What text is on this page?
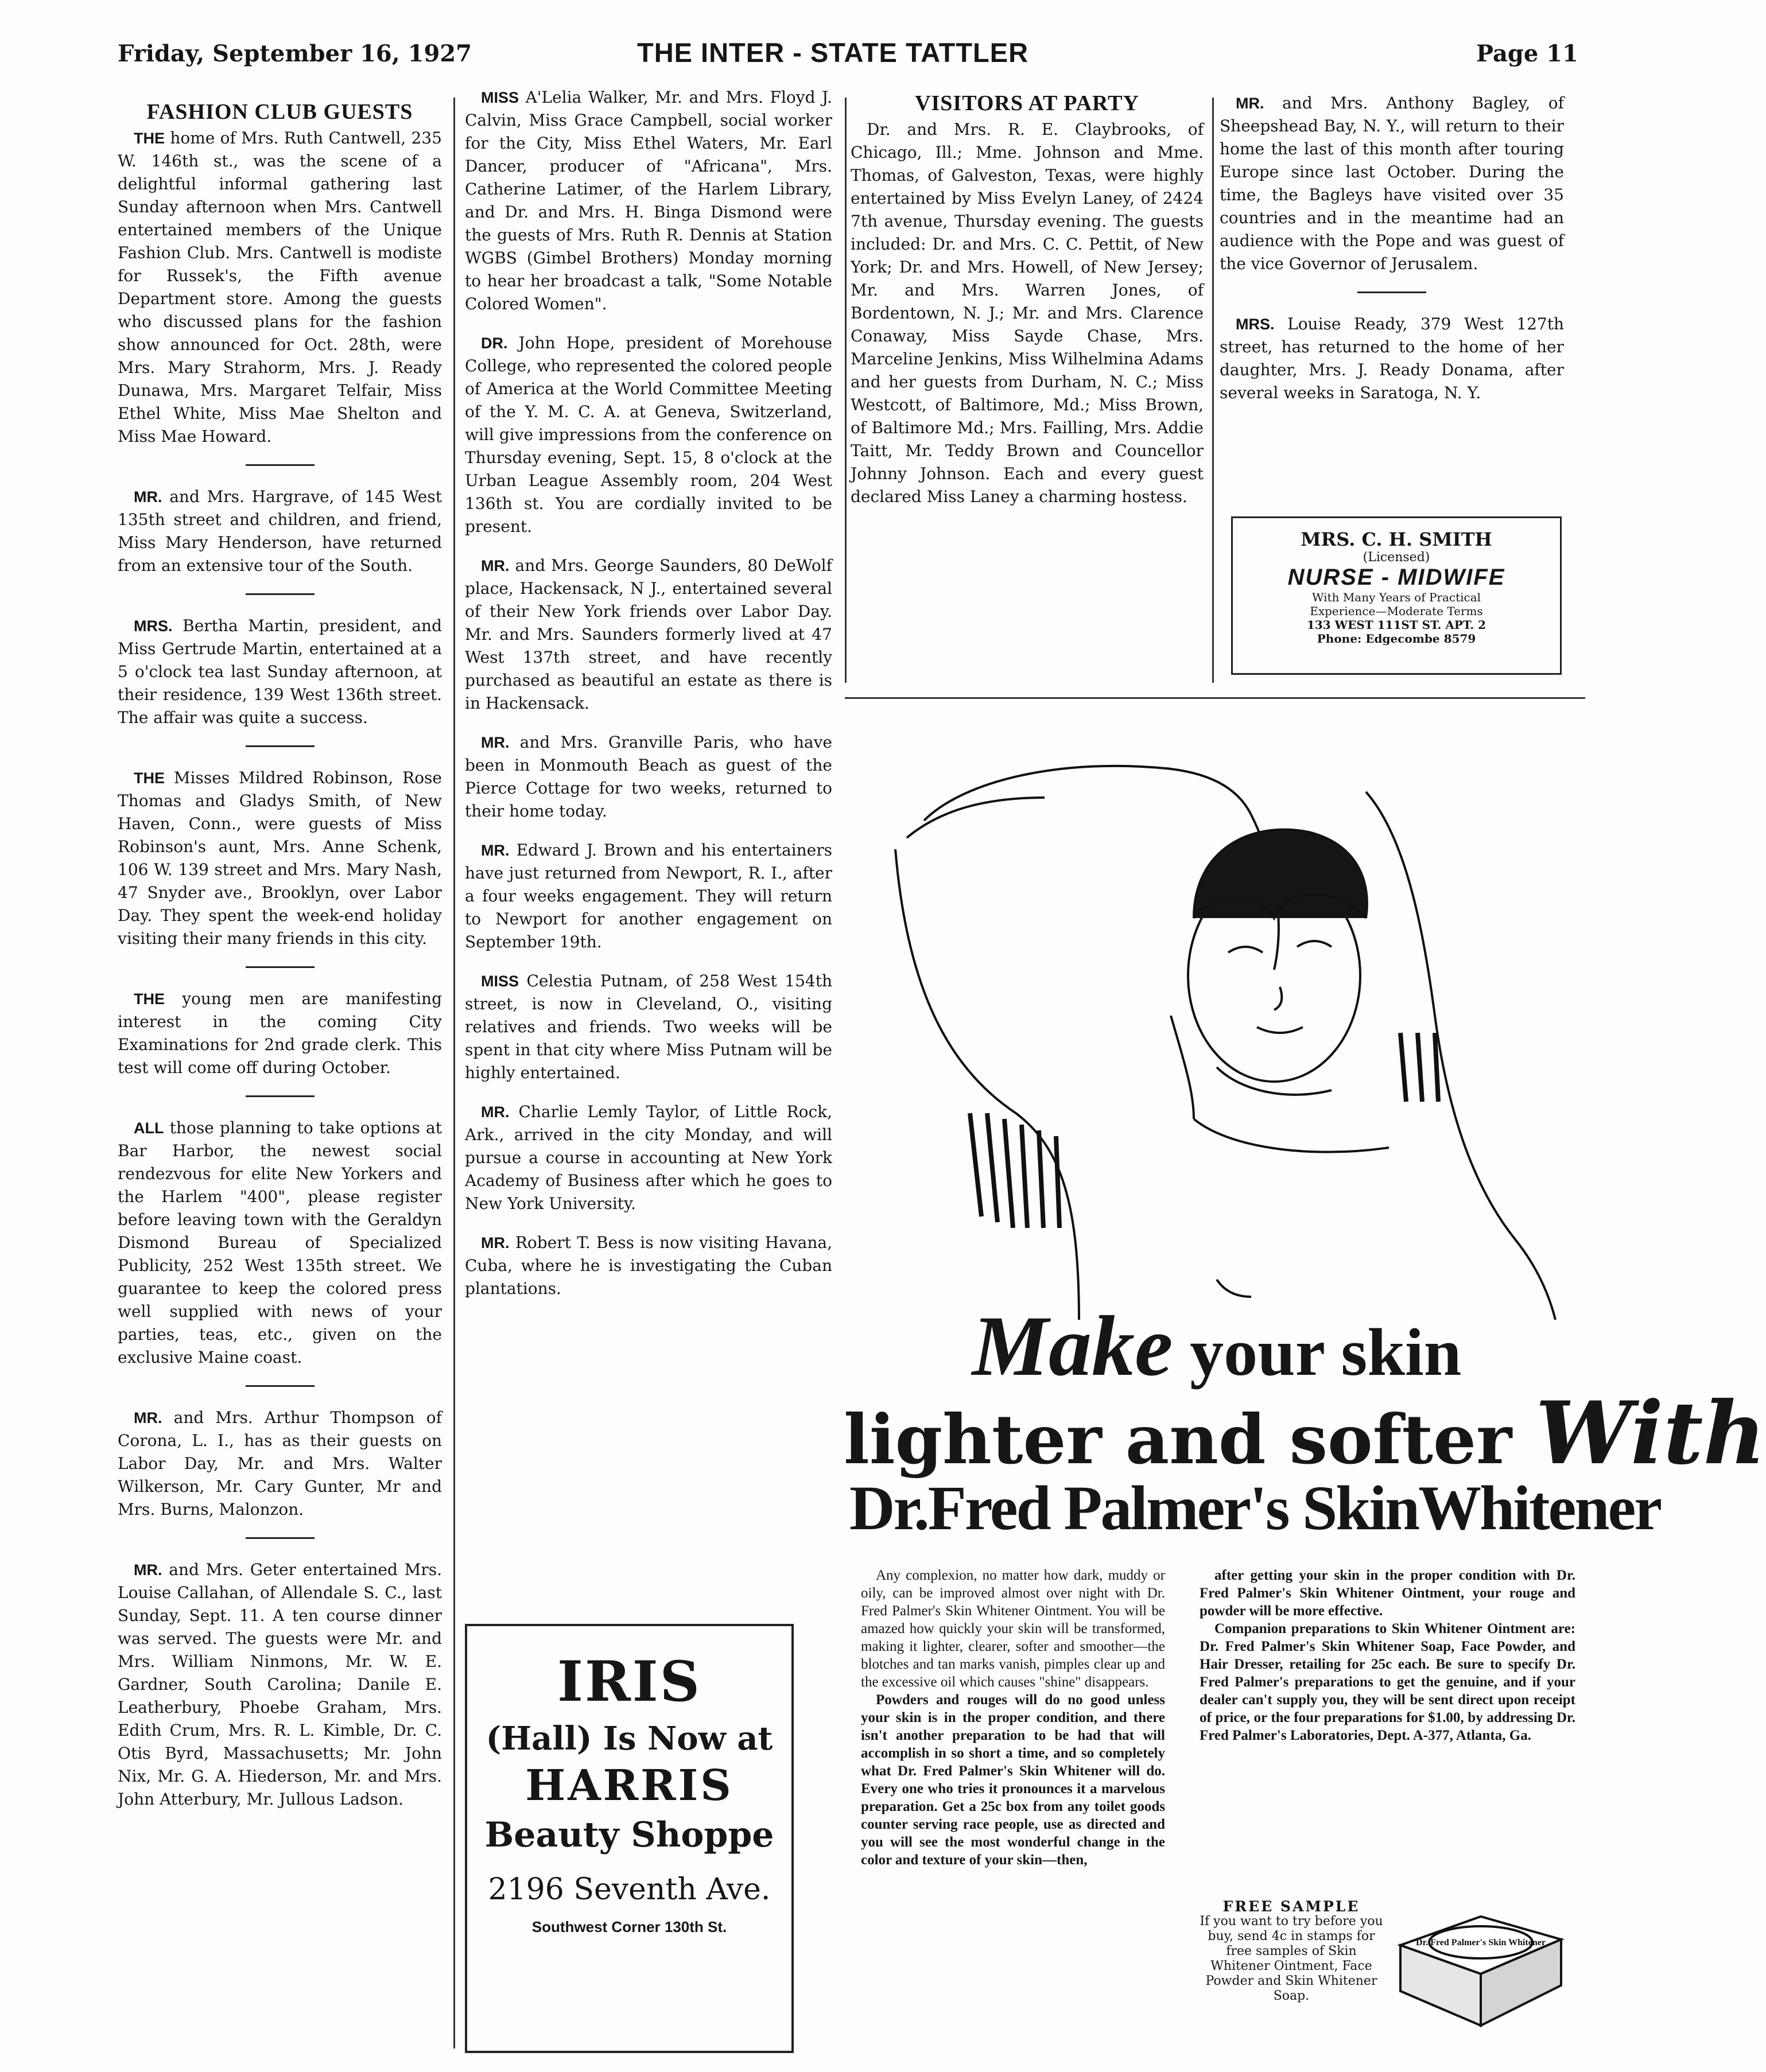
Friday, September 16, 1927	THE INTER - STATE TATTLER	Page 11
FASHION CLUB GUESTS

THE home of Mrs. Ruth Cantwell, 235 W. 146th st., was the scene of a delightful informal gathering last Sunday afternoon when Mrs. Cantwell entertained members of the Unique Fashion Club. Mrs. Cantwell is modiste for Russek's, the Fifth avenue Department store. Among the guests who discussed plans for the fashion show announced for Oct. 28th, were Mrs. Mary Strahorm, Mrs. J. Ready Dunawa, Mrs. Margaret Telfair, Miss Ethel White, Miss Mae Shelton and Miss Mae Howard.

MR. and Mrs. Hargrave, of 145 West 135th street and children, and friend, Miss Mary Henderson, have returned from an extensive tour of the South.

MRS. Bertha Martin, president, and Miss Gertrude Martin, entertained at a 5 o'clock tea last Sunday afternoon, at their residence, 139 West 136th street. The affair was quite a success.

THE Misses Mildred Robinson, Rose Thomas and Gladys Smith, of New Haven, Conn., were guests of Miss Robinson's aunt, Mrs. Anne Schenk, 106 W. 139 street and Mrs. Mary Nash, 47 Snyder ave., Brooklyn, over Labor Day. They spent the week-end holiday visiting their many friends in this city.

THE young men are manifesting interest in the coming City Examinations for 2nd grade clerk. This test will come off during October.

ALL those planning to take options at Bar Harbor, the newest social rendezvous for elite New Yorkers and the Harlem "400", please register before leaving town with the Geraldyn Dismond Bureau of Specialized Publicity, 252 West 135th street. We guarantee to keep the colored press well supplied with news of your parties, teas, etc., given on the exclusive Maine coast.

MR. and Mrs. Arthur Thompson of Corona, L. I., has as their guests on Labor Day, Mr. and Mrs. Walter Wilkerson, Mr. Cary Gunter, Mr and Mrs. Burns, Malonzon.

MR. and Mrs. Geter entertained Mrs. Louise Callahan, of Allendale S. C., last Sunday, Sept. 11. A ten course dinner was served. The guests were Mr. and Mrs. William Ninmons, Mr. W. E. Gardner, South Carolina; Danile E. Leatherbury, Phoebe Graham, Mrs. Edith Crum, Mrs. R. L. Kimble, Dr. C. Otis Byrd, Massachusetts; Mr. John Nix, Mr. G. A. Hiederson, Mr. and Mrs. John Atterbury, Mr. Jullous Ladson.

MISS A'Lelia Walker, Mr. and Mrs. Floyd J. Calvin, Miss Grace Campbell, social worker for the City, Miss Ethel Waters, Mr. Earl Dancer, producer of "Africana", Mrs. Catherine Latimer, of the Harlem Library, and Dr. and Mrs. H. Binga Dismond were the guests of Mrs. Ruth R. Dennis at Station WGBS (Gimbel Brothers) Monday morning to hear her broadcast a talk, "Some Notable Colored Women".

DR. John Hope, president of Morehouse College, who represented the colored people of America at the World Committee Meeting of the Y. M. C. A. at Geneva, Switzerland, will give impressions from the conference on Thursday evening, Sept. 15, 8 o'clock at the Urban League Assembly room, 204 West 136th st. You are cordially invited to be present.

MR. and Mrs. George Saunders, 80 DeWolf place, Hackensack, N J., entertained several of their New York friends over Labor Day. Mr. and Mrs. Saunders formerly lived at 47 West 137th street, and have recently purchased as beautiful an estate as there is in Hackensack.

MR. and Mrs. Granville Paris, who have been in Monmouth Beach as guest of the Pierce Cottage for two weeks, returned to their home today.

MR. Edward J. Brown and his entertainers have just returned from Newport, R. I., after a four weeks engagement. They will return to Newport for another engagement on September 19th.

MISS Celestia Putnam, of 258 West 154th street, is now in Cleveland, O., visiting relatives and friends. Two weeks will be spent in that city where Miss Putnam will be highly entertained.

MR. Charlie Lemly Taylor, of Little Rock, Ark., arrived in the city Monday, and will pursue a course in accounting at New York Academy of Business after which he goes to New York University.

MR. Robert T. Bess is now visiting Havana, Cuba, where he is investigating the Cuban plantations.

IRIS
(Hall) Is Now at
HARRIS
Beauty Shoppe
2196 Seventh Ave.
Southwest Corner 130th St.
VISITORS AT PARTY

Dr. and Mrs. R. E. Claybrooks, of Chicago, Ill.; Mme. Johnson and Mme. Thomas, of Galveston, Texas, were highly entertained by Miss Evelyn Laney, of 2424 7th avenue, Thursday evening. The guests included: Dr. and Mrs. C. C. Pettit, of New York; Dr. and Mrs. Howell, of New Jersey; Mr. and Mrs. Warren Jones, of Bordentown, N. J.; Mr. and Mrs. Clarence Conaway, Miss Sayde Chase, Mrs. Marceline Jenkins, Miss Wilhelmina Adams and her guests from Durham, N. C.; Miss Westcott, of Baltimore, Md.; Miss Brown, of Baltimore Md.; Mrs. Failling, Mrs. Addie Taitt, Mr. Teddy Brown and Councellor Johnny Johnson. Each and every guest declared Miss Laney a charming hostess.

MR. and Mrs. Anthony Bagley, of Sheepshead Bay, N. Y., will return to their home the last of this month after touring Europe since last October. During the time, the Bagleys have visited over 35 countries and in the meantime had an audience with the Pope and was guest of the vice Governor of Jerusalem.

MRS. Louise Ready, 379 West 127th street, has returned to the home of her daughter, Mrs. J. Ready Donama, after several weeks in Saratoga, N. Y.

MRS. C. H. SMITH
(Licensed)
NURSE - MIDWIFE
With Many Years of Practical
Experience—Moderate Terms
133 WEST 111ST ST. APT. 2
Phone: Edgecombe 8579
Make your skin
lighter and softer With
Dr.Fred Palmer's SkinWhitener

Any complexion, no matter how dark, muddy or oily, can be improved almost over night with Dr. Fred Palmer's Skin Whitener Ointment. You will be amazed how quickly your skin will be transformed, making it lighter, clearer, softer and smoother—the blotches and tan marks vanish, pimples clear up and the excessive oil which causes "shine" disappears.

Powders and rouges will do no good unless your skin is in the proper condition, and there isn't another preparation to be had that will accomplish in so short a time, and so completely what Dr. Fred Palmer's Skin Whitener will do. Every one who tries it pronounces it a marvelous preparation. Get a 25c box from any toilet goods counter serving race people, use as directed and you will see the most wonderful change in the color and texture of your skin—then,

after getting your skin in the proper condition with Dr. Fred Palmer's Skin Whitener Ointment, your rouge and powder will be more effective.

Companion preparations to Skin Whitener Ointment are: Dr. Fred Palmer's Skin Whitener Soap, Face Powder, and Hair Dresser, retailing for 25c each. Be sure to specify Dr. Fred Palmer's preparations to get the genuine, and if your dealer can't supply you, they will be sent direct upon receipt of price, or the four preparations for $1.00, by addressing Dr. Fred Palmer's Laboratories, Dept. A-377, Atlanta, Ga.

FREE SAMPLE
If you want to try before you buy, send 4c in stamps for free samples of Skin Whitener Ointment, Face Powder and Skin Whitener Soap.
Dr. Fred Palmer's Skin Whitener
